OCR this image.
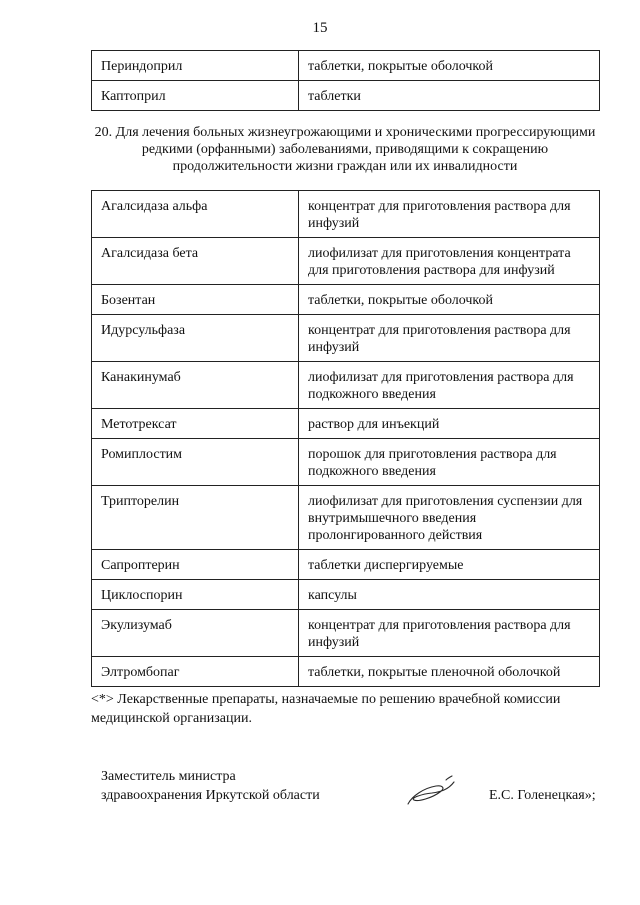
15
Периндоприл	таблетки, покрытые оболочкой
Каптоприл	таблетки
20. Для лечения больных жизнеугрожающими и хроническими прогрессирующими редкими (орфанными) заболеваниями, приводящими к сокращению продолжительности жизни граждан или их инвалидности
Агалсидаза альфа	концентрат для приготовления раствора для инфузий
Агалсидаза бета	лиофилизат для приготовления концентрата для приготовления раствора для инфузий
Бозентан	таблетки, покрытые оболочкой
Идурсульфаза	концентрат для приготовления раствора для инфузий
Канакинумаб	лиофилизат для приготовления раствора для подкожного введения
Метотрексат	раствор для инъекций
Ромиплостим	порошок для приготовления раствора для подкожного введения
Трипторелин	лиофилизат для приготовления суспензии для внутримышечного введения пролонгированного действия
Сапроптерин	таблетки диспергируемые
Циклоспорин	капсулы
Экулизумаб	концентрат для приготовления раствора для инфузий
Элтромбопаг	таблетки, покрытые пленочной оболочкой
<*> Лекарственные препараты, назначаемые по решению врачебной комиссии медицинской организации.
Заместитель министра
здравоохранения Иркутской области	Е.С. Голенецкая»;
